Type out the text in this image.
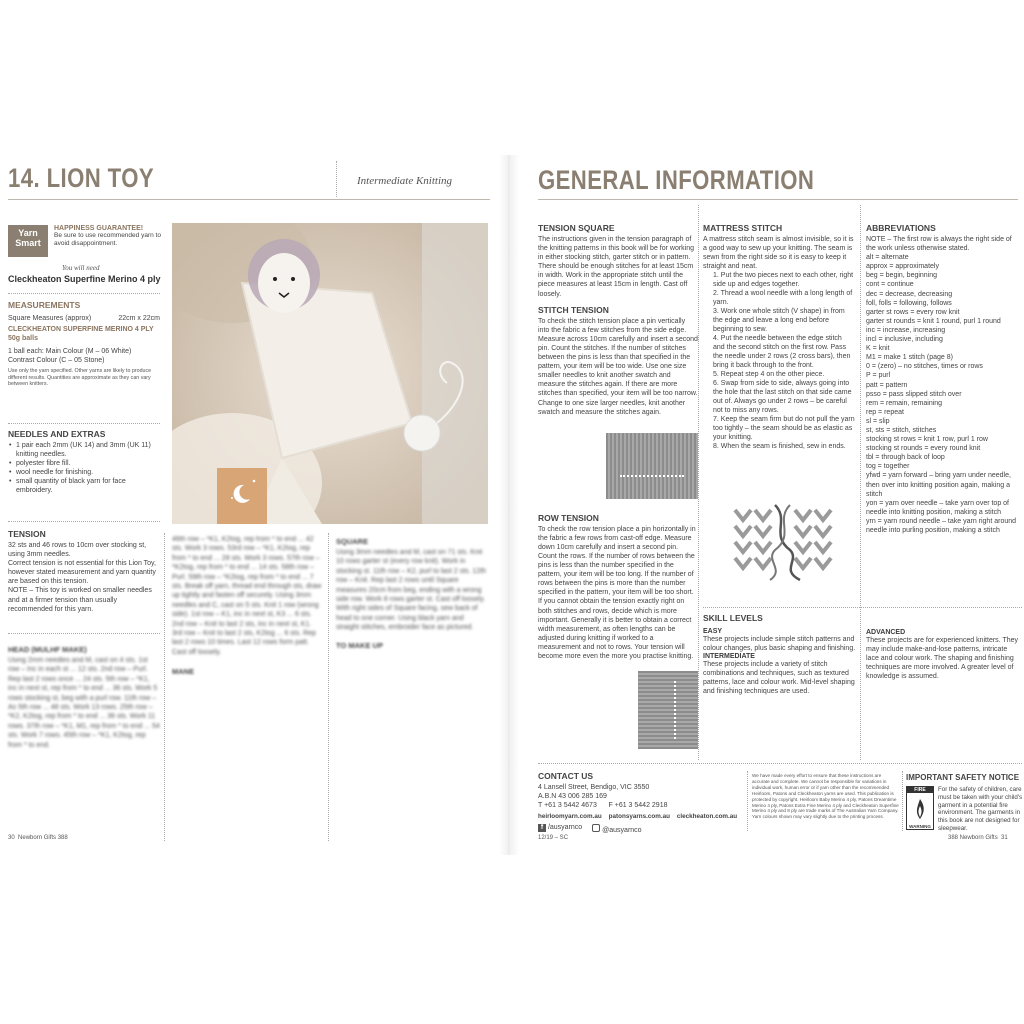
14. LION TOY	Intermediate Knitting
Yarn Smart
HAPPINESS GUARANTEE!
Be sure to use recommended yarn to avoid disappointment.
You will need
Cleckheaton Superfine Merino 4 ply
MEASUREMENTS
Square Measures (approx)	22cm x 22cm
CLECKHEATON SUPERFINE MERINO 4 PLY 50g balls
1 ball each: Main Colour (M – 06 White)
Contrast Colour (C – 05 Stone)
Use only the yarn specified. Other yarns are likely to produce different results. Quantities are approximate as they can vary between knitters.
NEEDLES AND EXTRAS
• 1 pair each 2mm (UK 14) and 3mm (UK 11) knitting needles.
• polyester fibre fill.
• wool needle for finishing.
• small quantity of black yarn for face embroidery.
TENSION
32 sts and 46 rows to 10cm over stocking st, using 3mm needles.
Correct tension is not essential for this Lion Toy, however stated measurement and yarn quantity are based on this tension.
NOTE – This toy is worked on smaller needles and at a firmer tension than usually recommended for this yarn.
HEAD (MULHF MAKE)
Using 2mm needles and M, cast on 4 sts. 1st row – Inc in each st ... 12 sts. 2nd row – Purl. Rep last 2 rows once ... 24 sts. 5th row – *K1, inc in next st, rep from * to end ... 36 sts. Work 5 rows stocking st, beg with a purl row. 11th row – As 5th row ... 48 sts. Work 13 rows. 25th row – *K2, K2tog, rep from * to end ... 36 sts. Work 11 rows. 37th row – *K1, M1, rep from * to end ... 54 sts. Work 7 rows. 45th row – *K1, K2tog, rep from * to end.
46th row – *K1, K2tog, rep from * to end ... 42 sts. Work 3 rows. 53rd row – *K1, K2tog, rep from * to end ... 28 sts. Work 3 rows. 57th row – *K2tog, rep from * to end ... 14 sts. 58th row – Purl. 59th row – *K2tog, rep from * to end ... 7 sts. Break off yarn, thread end through sts, draw up tightly and fasten off securely. Using 3mm needles and C, cast on 5 sts. Knit 1 row (wrong side). 1st row – K1, inc in next st, K3 ... 6 sts. 2nd row – Knit to last 2 sts, inc in next st, K1. 3rd row – Knit to last 2 sts, K2tog ... 6 sts. Rep last 2 rows 10 times. Last 12 rows form patt. Cast off loosely.
MANE
SQUARE
Using 3mm needles and M, cast on 71 sts. Knit 10 rows garter st (every row knit). Work in stocking st. 11th row – K2, purl to last 2 sts. 12th row – Knit. Rep last 2 rows until Square measures 20cm from beg, ending with a wrong side row. Work 8 rows garter st. Cast off loosely. With right sides of Square facing, sew back of head to one corner. Using black yarn and straight stitches, embroider face as pictured.
TO MAKE UP
30 Newborn Gifts 388
GENERAL INFORMATION
TENSION SQUARE
The instructions given in the tension paragraph of the knitting patterns in this book will be for working in either stocking stitch, garter stitch or in pattern. There should be enough stitches for at least 15cm in width. Work in the appropriate stitch until the piece measures at least 15cm in length. Cast off loosely.
STITCH TENSION
To check the stitch tension place a pin vertically into the fabric a few stitches from the side edge. Measure across 10cm carefully and insert a second pin. Count the stitches. If the number of stitches between the pins is less than that specified in the pattern, your item will be too wide. Use one size smaller needles to knit another swatch and measure the stitches again. If there are more stitches than specified, your item will be too narrow. Change to one size larger needles, knit another swatch and measure the stitches again.
ROW TENSION
To check the row tension place a pin horizontally in the fabric a few rows from cast-off edge. Measure down 10cm carefully and insert a second pin. Count the rows. If the number of rows between the pins is less than the number specified in the pattern, your item will be too long. If the number of rows between the pins is more than the number specified in the pattern, your item will be too short. If you cannot obtain the tension exactly right on both stitches and rows, decide which is more important. Generally it is better to obtain a correct width measurement, as often lengths can be adjusted during knitting if worked to a measurement and not to rows. Your tension will become more even the more you practise knitting.
MATTRESS STITCH
A mattress stitch seam is almost invisible, so it is a good way to sew up your knitting. The seam is sewn from the right side so it is easy to keep it straight and neat.
1. Put the two pieces next to each other, right side up and edges together.
2. Thread a wool needle with a long length of yarn.
3. Work one whole stitch (V shape) in from the edge and leave a long end before beginning to sew.
4. Put the needle between the edge stitch and the second stitch on the first row. Pass the needle under 2 rows (2 cross bars), then bring it back through to the front.
5. Repeat step 4 on the other piece.
6. Swap from side to side, always going into the hole that the last stitch on that side came out of. Always go under 2 rows – be careful not to miss any rows.
7. Keep the seam firm but do not pull the yarn too tightly – the seam should be as elastic as your knitting.
8. When the seam is finished, sew in ends.
ABBREVIATIONS
NOTE – The first row is always the right side of the work unless otherwise stated.
alt = alternate
approx = approximately
beg = begin, beginning
cont = continue
dec = decrease, decreasing
foll, folls = following, follows
garter st rows = every row knit
garter st rounds = knit 1 round, purl 1 round
inc = increase, increasing
incl = inclusive, including
K = knit
M1 = make 1 stitch (page 8)
0 = (zero) – no stitches, times or rows
P = purl
patt = pattern
psso = pass slipped stitch over
rem = remain, remaining
rep = repeat
sl = slip
st, sts = stitch, stitches
stocking st rows = knit 1 row, purl 1 row
stocking st rounds = every round knit
tbl = through back of loop
tog = together
yfwd = yarn forward – bring yarn under needle, then over into knitting position again, making a stitch
yon = yarn over needle – take yarn over top of needle into knitting position, making a stitch
yrn = yarn round needle – take yarn right around needle into purling position, making a stitch
SKILL LEVELS
EASY
These projects include simple stitch patterns and colour changes, plus basic shaping and finishing.
INTERMEDIATE
These projects include a variety of stitch combinations and techniques, such as textured patterns, lace and colour work. Mid-level shaping and finishing techniques are used.
ADVANCED
These projects are for experienced knitters. They may include make-and-lose patterns, intricate lace and colour work. The shaping and finishing techniques are more involved. A greater level of knowledge is assumed.
CONTACT US
4 Lansell Street, Bendigo, VIC 3550
A.B.N 43 006 285 169
T +61 3 5442 4673      F +61 3 5442 2918
heirloomyarn.com.au    patonsyarns.com.au    cleckheaton.com.au
f /ausyarnco	@ausyarnco
We have made every effort to ensure that these instructions are accurate and complete. We cannot be responsible for variations in individual work, human error or if yarn other than the recommended Heirloom, Patons and Cleckheaton yarns are used. This publication is protected by copyright. Heirloom Baby Merino 4 ply, Patons Dreamtime Merino 4 ply, Patons Extra Fine Merino 4 ply and Cleckheaton Superfine Merino 4 ply and 8 ply are trade marks of The Australian Yarn Company. Yarn colours shown may vary slightly due to the printing process.
IMPORTANT SAFETY NOTICE
FIRE
WARNING
For the safety of children, care must be taken with your child's garment in a potential fire environment. The garments in this book are not designed for sleepwear.
12/19 – SC	388 Newborn Gifts 31
